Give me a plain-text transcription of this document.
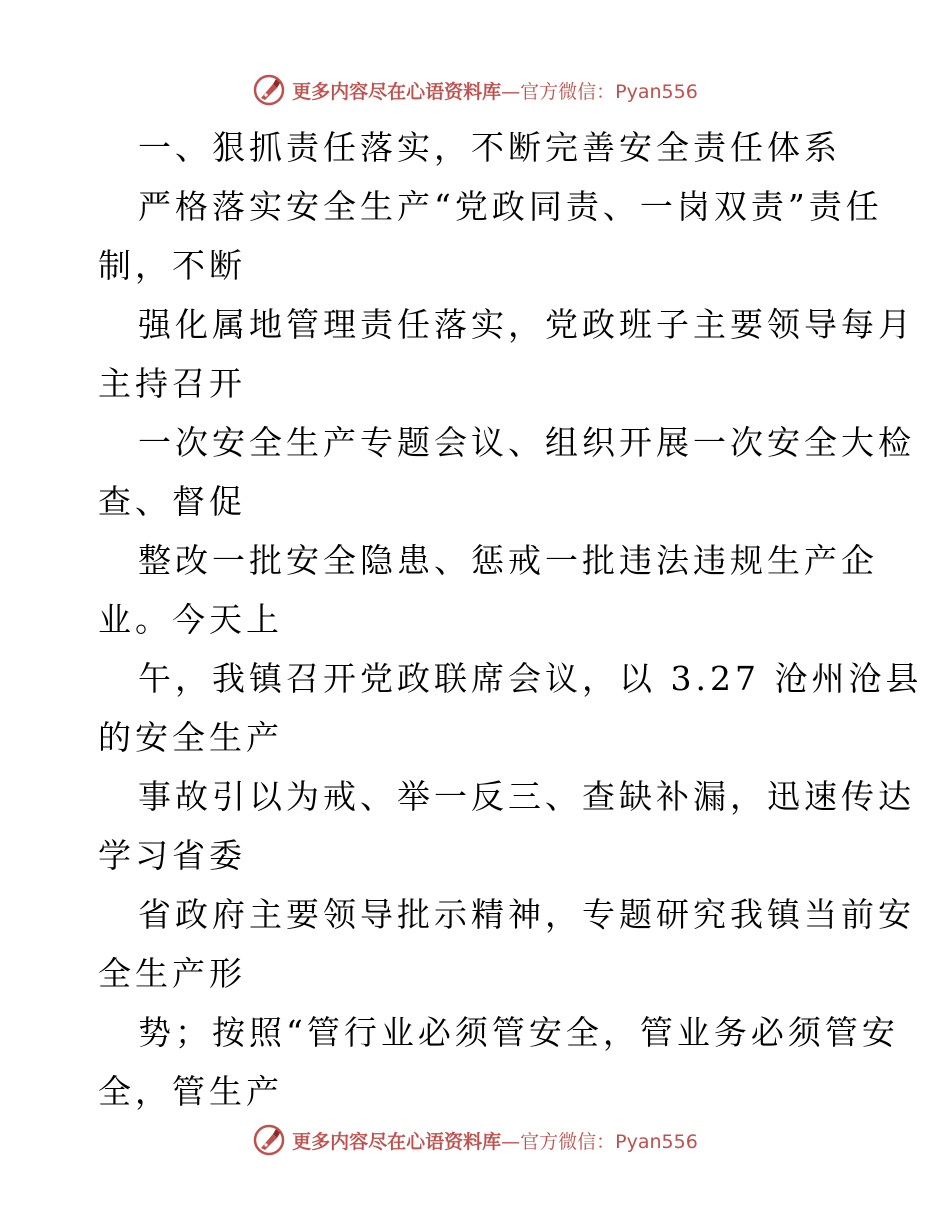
更多内容尽在心语资料库—官方微信：Pyan556
一、狠抓责任落实，不断完善安全责任体系
严格落实安全生产“党政同责、一岗双责”责任
制，不断
强化属地管理责任落实，党政班子主要领导每月
主持召开
一次安全生产专题会议、组织开展一次安全大检
查、督促
整改一批安全隐患、惩戒一批违法违规生产企
业。今天上
午，我镇召开党政联席会议，以 3.27 沧州沧县
的安全生产
事故引以为戒、举一反三、查缺补漏，迅速传达
学习省委
省政府主要领导批示精神，专题研究我镇当前安
全生产形
势；按照“管行业必须管安全，管业务必须管安
全，管生产
更多内容尽在心语资料库—官方微信：Pyan556
